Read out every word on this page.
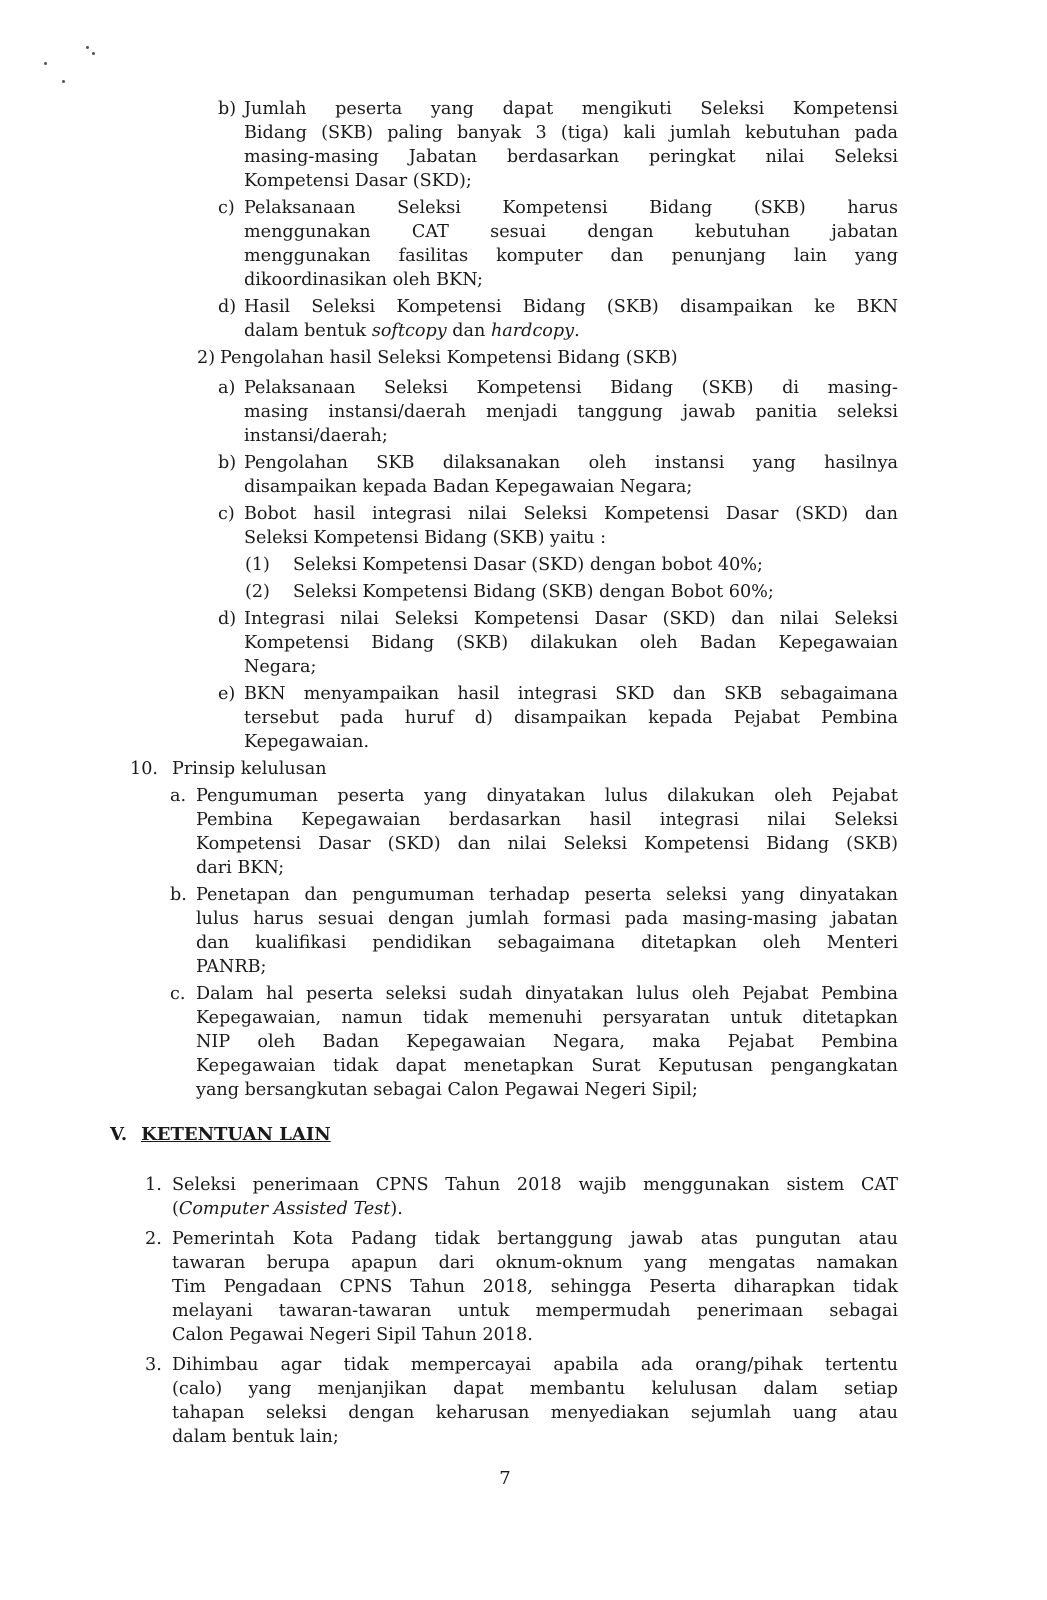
b) Jumlah peserta yang dapat mengikuti Seleksi Kompetensi
Bidang (SKB) paling banyak 3 (tiga) kali jumlah kebutuhan pada
masing-masing Jabatan berdasarkan peringkat nilai Seleksi
Kompetensi Dasar (SKD);
c) Pelaksanaan Seleksi Kompetensi Bidang (SKB) harus
menggunakan CAT sesuai dengan kebutuhan jabatan
menggunakan fasilitas komputer dan penunjang lain yang
dikoordinasikan oleh BKN;
d) Hasil Seleksi Kompetensi Bidang (SKB) disampaikan ke BKN
dalam bentuk softcopy dan hardcopy.
2) Pengolahan hasil Seleksi Kompetensi Bidang (SKB)
a) Pelaksanaan Seleksi Kompetensi Bidang (SKB) di masing-
masing instansi/daerah menjadi tanggung jawab panitia seleksi
instansi/daerah;
b) Pengolahan SKB dilaksanakan oleh instansi yang hasilnya
disampaikan kepada Badan Kepegawaian Negara;
c) Bobot hasil integrasi nilai Seleksi Kompetensi Dasar (SKD) dan
Seleksi Kompetensi Bidang (SKB) yaitu :
(1) Seleksi Kompetensi Dasar (SKD) dengan bobot 40%;
(2) Seleksi Kompetensi Bidang (SKB) dengan Bobot 60%;
d) Integrasi nilai Seleksi Kompetensi Dasar (SKD) dan nilai Seleksi
Kompetensi Bidang (SKB) dilakukan oleh Badan Kepegawaian
Negara;
e) BKN menyampaikan hasil integrasi SKD dan SKB sebagaimana
tersebut pada huruf d) disampaikan kepada Pejabat Pembina
Kepegawaian.
10. Prinsip kelulusan
a. Pengumuman peserta yang dinyatakan lulus dilakukan oleh Pejabat
Pembina Kepegawaian berdasarkan hasil integrasi nilai Seleksi
Kompetensi Dasar (SKD) dan nilai Seleksi Kompetensi Bidang (SKB)
dari BKN;
b. Penetapan dan pengumuman terhadap peserta seleksi yang dinyatakan
lulus harus sesuai dengan jumlah formasi pada masing-masing jabatan
dan kualifikasi pendidikan sebagaimana ditetapkan oleh Menteri
PANRB;
c. Dalam hal peserta seleksi sudah dinyatakan lulus oleh Pejabat Pembina
Kepegawaian, namun tidak memenuhi persyaratan untuk ditetapkan
NIP oleh Badan Kepegawaian Negara, maka Pejabat Pembina
Kepegawaian tidak dapat menetapkan Surat Keputusan pengangkatan
yang bersangkutan sebagai Calon Pegawai Negeri Sipil;
V. KETENTUAN LAIN
1. Seleksi penerimaan CPNS Tahun 2018 wajib menggunakan sistem CAT
(Computer Assisted Test).
2. Pemerintah Kota Padang tidak bertanggung jawab atas pungutan atau
tawaran berupa apapun dari oknum-oknum yang mengatas namakan
Tim Pengadaan CPNS Tahun 2018, sehingga Peserta diharapkan tidak
melayani tawaran-tawaran untuk mempermudah penerimaan sebagai
Calon Pegawai Negeri Sipil Tahun 2018.
3. Dihimbau agar tidak mempercayai apabila ada orang/pihak tertentu
(calo) yang menjanjikan dapat membantu kelulusan dalam setiap
tahapan seleksi dengan keharusan menyediakan sejumlah uang atau
dalam bentuk lain;
7
